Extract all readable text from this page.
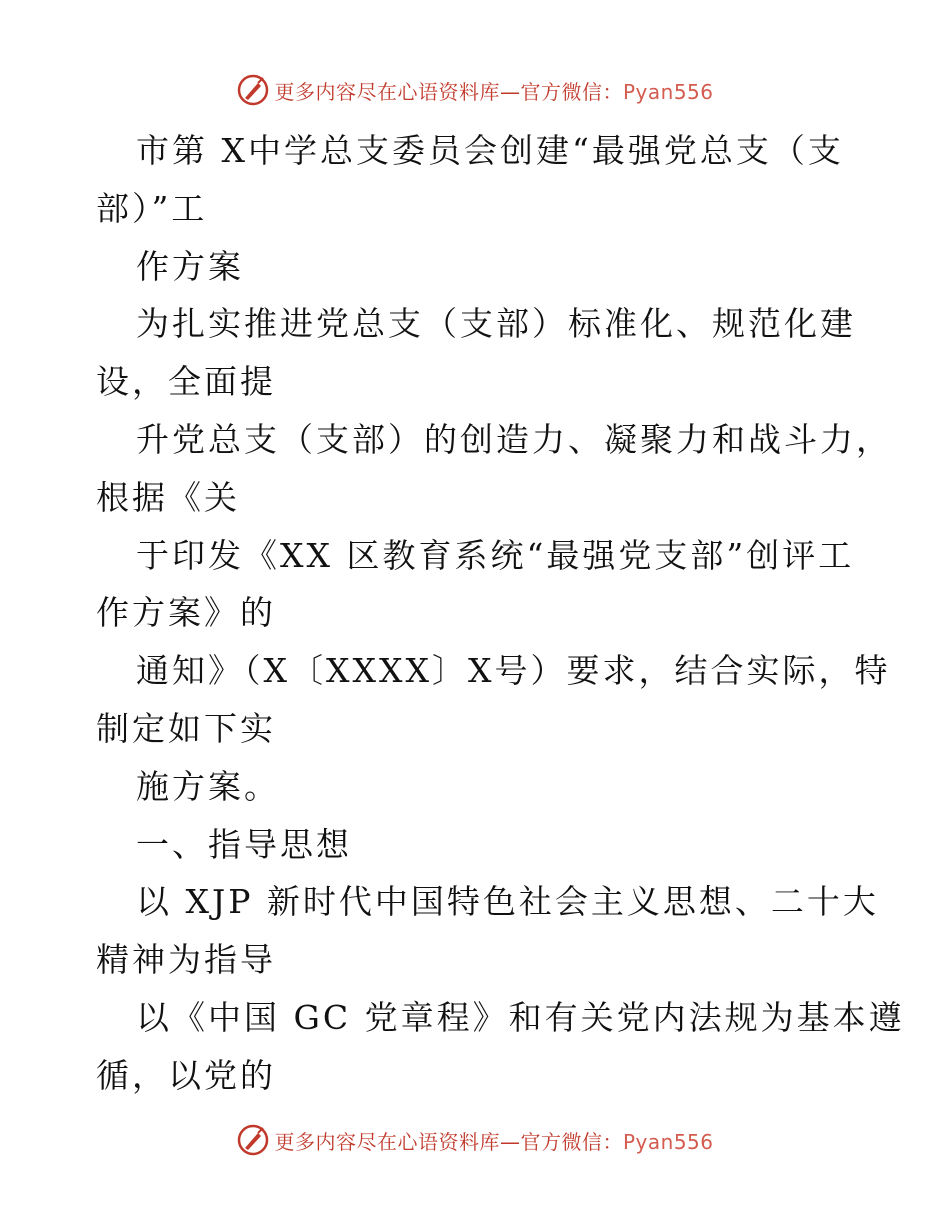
更多内容尽在心语资料库—官方微信：Pyan556

市第 X中学总支委员会创建“最强党总支（支

部）”工

作方案

为扎实推进党总支（支部）标准化、规范化建

设，全面提

升党总支（支部）的创造力、凝聚力和战斗力，

根据《关

于印发《XX 区教育系统“最强党支部”创评工

作方案》的

通知》（X〔XXXX〕X号）要求，结合实际，特

制定如下实

施方案。

一、指导思想

以 XJP 新时代中国特色社会主义思想、二十大

精神为指导

以《中国 GC 党章程》和有关党内法规为基本遵

循，以党的

更多内容尽在心语资料库—官方微信：Pyan556
